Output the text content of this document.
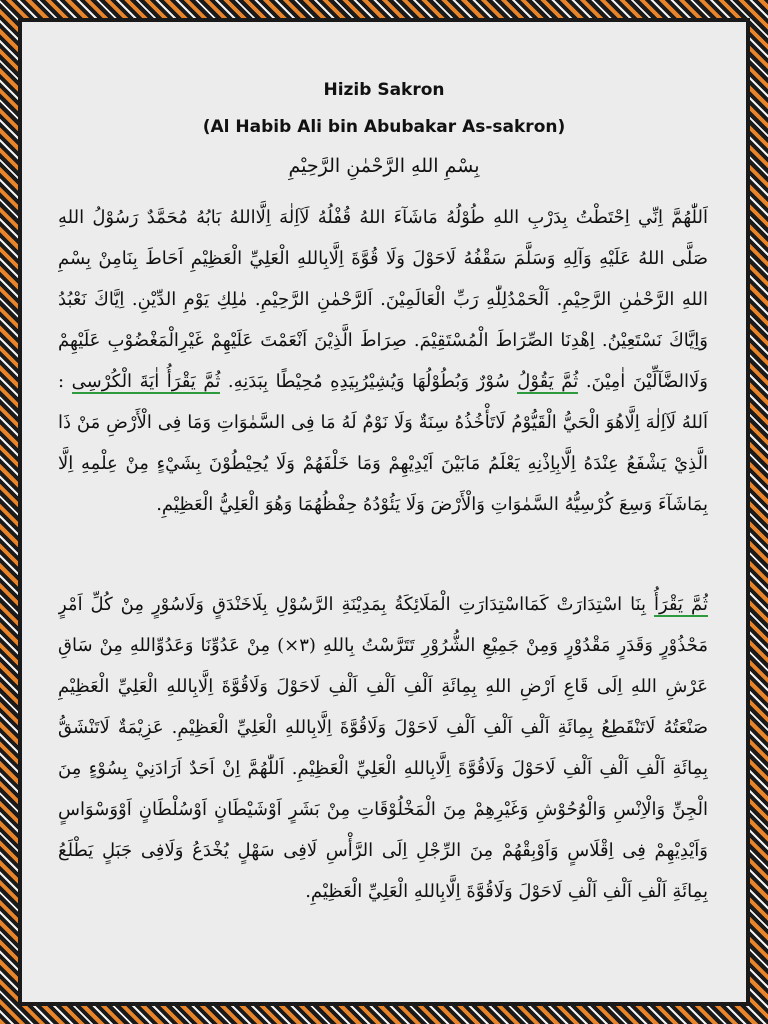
Hizib Sakron
(Al Habib Ali bin Abubakar As-sakron)
بِسْمِ اللهِ الرَّحْمٰنِ الرَّحِيْمِ
اَللّٰهُمَّ اِنِّي اِحْتَطْتُ بِدَرْبِ اللهِ طُوْلُهُ مَاشَآءَ اللهُ قُفْلُهُ لَآاِلٰهَ اِلَّااللهُ بَابُهُ مُحَمَّدٌ رَسُوْلُ اللهِ صَلَّى اللهُ عَلَيْهِ وَآلِهِ وَسَلَّمَ سَقْفُهُ لَاحَوْلَ وَلَا قُوَّةَ اِلَّابِاللهِ الْعَلِيِّ الْعَظِيْمِ اَحَاطَ بِنَامِنْ بِسْمِ اللهِ الرَّحْمٰنِ الرَّحِيْمِ. اَلْحَمْدُلِلّٰهِ رَبِّ الْعَالَمِيْنَ. اَلرَّحْمٰنِ الرَّحِيْمِ. مٰلِكِ يَوْمِ الدِّيْنِ. اِيَّاكَ نَعْبُدُ وَاِيَّاكَ نَسْتَعِيْنُ. اِهْدِنَا الصِّرَاطَ الْمُسْتَقِيْمَ. صِرَاطَ الَّذِيْنَ اَنْعَمْتَ عَلَيْهِمْ غَيْرِالْمَغْضُوْبِ عَلَيْهِمْ وَلَاالضَّآلِّيْنَ اٰمِيْنَ. ثُمَّ يَقُوْلُ سُوْرٌ وَبُطُوْلُهَا وَيُشِيْرُبِيَدِهِ مُحِيْطًا بِبَدَنِهِ. ثُمَّ يَقْرَأُ اٰيَةَ الْكُرْسِى : اَللهُ لَآاِلٰهَ اِلَّاهُوَ الْحَيُّ الْقَيُّوْمُ لَاتَأْخُذُهُ سِنَةٌ وَلَا نَوْمٌ لَهُ مَا فِى السَّمٰوَاتِ وَمَا فِى الْأَرْضِ مَنْ ذَا الَّذِيْ يَشْفَعُ عِنْدَهُ اِلَّابِاِذْنِهِ يَعْلَمُ مَابَيْنَ اَيْدِيْهِمْ وَمَا خَلْفَهُمْ وَلَا يُحِيْطُوْنَ بِشَيْءٍ مِنْ عِلْمِهِ اِلَّا بِمَاشَآءَ وَسِعَ كُرْسِيُّهُ السَّمٰوَاتِ وَالْأَرْضَ وَلَا يَئُوْدُهُ حِفْظُهُمَا وَهُوَ الْعَلِيُّ الْعَظِيْمِ.
ثُمَّ يَقْرَأُ بِنَا اسْتِدَارَتْ كَمَااسْتِدَارَتِ الْمَلَائِكَةُ بِمَدِيْنَةِ الرَّسُوْلِ بِلَاخَنْدَقٍ وَلَاسُوْرٍ مِنْ كُلِّ اَمْرٍ مَحْذُوْرٍ وَقَدَرٍ مَقْدُوْرٍ وَمِنْ جَمِيْعِ الشُّرُوْرِ تَتَرَّسْتُ بِاللهِ (٣×) مِنْ عَدُوِّنَا وَعَدُوِّاللهِ مِنْ سَاقِ عَرْشِ اللهِ اِلَى قَاعِ اَرْضِ اللهِ بِمِائَةِ اَلْفِ اَلْفِ اَلْفِ لَاحَوْلَ وَلَاقُوَّةَ اِلَّابِاللهِ الْعَلِيِّ الْعَظِيْمِ صَنْعَتُهُ لَاتَنْقَطِعُ بِمِائَةِ اَلْفِ اَلْفِ اَلْفِ لَاحَوْلَ وَلَاقُوَّةَ اِلَّابِاللهِ الْعَلِيِّ الْعَظِيْمِ. عَزِيْمَةٌ لَاتَنْشَقُّ بِمِائَةِ اَلْفِ اَلْفِ اَلْفِ لَاحَوْلَ وَلَاقُوَّةَ اِلَّابِاللهِ الْعَلِيِّ الْعَظِيْمِ. اَللّٰهُمَّ اِنْ اَحَدٌ اَرَادَنِيْ بِسُوْءٍ مِنَ الْجِنِّ وَالْاِنْسِ وَالْوُحُوْشِ وَغَيْرِهِمْ مِنَ الْمَخْلُوْقَاتِ مِنْ بَشَرٍ اَوْشَيْطَانٍ اَوْسُلْطَانٍ اَوْوَسْوَاسٍ وَاَيْدِيْهِمْ فِى اِقْلَاسٍ وَاَوْبِقْهُمْ مِنَ الرِّجْلِ اِلَى الرَّأْسِ لَافِى سَهْلٍ يُخْدَعُ وَلَافِى جَبَلٍ يَطْلَعُ بِمِائَةِ اَلْفِ اَلْفِ اَلْفِ لَاحَوْلَ وَلَاقُوَّةَ اِلَّابِاللهِ الْعَلِيِّ الْعَظِيْمِ.
